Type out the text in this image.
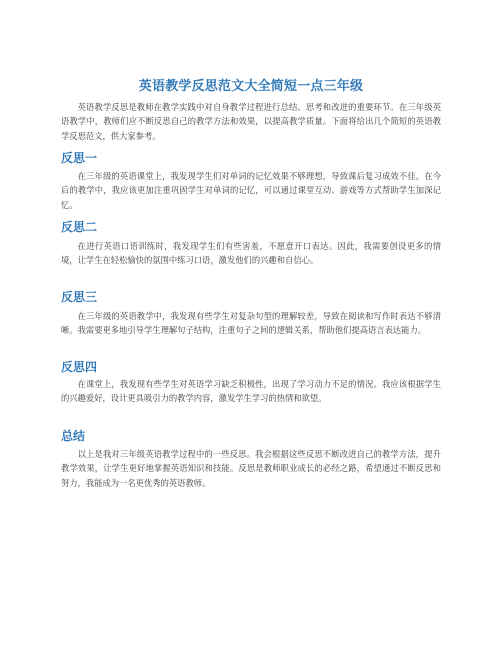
英语教学反思范文大全简短一点三年级
英语教学反思是教师在教学实践中对自身教学过程进行总结、思考和改进的重要环节。在三年级英语教学中，教师们应不断反思自己的教学方法和效果，以提高教学质量。下面将给出几个简短的英语教学反思范文，供大家参考。
反思一
在三年级的英语课堂上，我发现学生们对单词的记忆效果不够理想，导致课后复习成效不佳。在今后的教学中，我应该更加注重巩固学生对单词的记忆，可以通过课堂互动、游戏等方式帮助学生加深记忆。
反思二
在进行英语口语训练时，我发现学生们有些害羞，不愿意开口表达。因此，我需要创设更多的情境，让学生在轻松愉快的氛围中练习口语，激发他们的兴趣和自信心。
反思三
在三年级的英语教学中，我发现有些学生对复杂句型的理解较差，导致在阅读和写作时表达不够清晰。我需要更多地引导学生理解句子结构，注重句子之间的逻辑关系，帮助他们提高语言表达能力。
反思四
在课堂上，我发现有些学生对英语学习缺乏积极性，出现了学习动力不足的情况。我应该根据学生的兴趣爱好，设计更具吸引力的教学内容，激发学生学习的热情和欲望。
总结
以上是我对三年级英语教学过程中的一些反思。我会根据这些反思不断改进自己的教学方法，提升教学效果，让学生更好地掌握英语知识和技能。反思是教师职业成长的必经之路，希望通过不断反思和努力，我能成为一名更优秀的英语教师。
